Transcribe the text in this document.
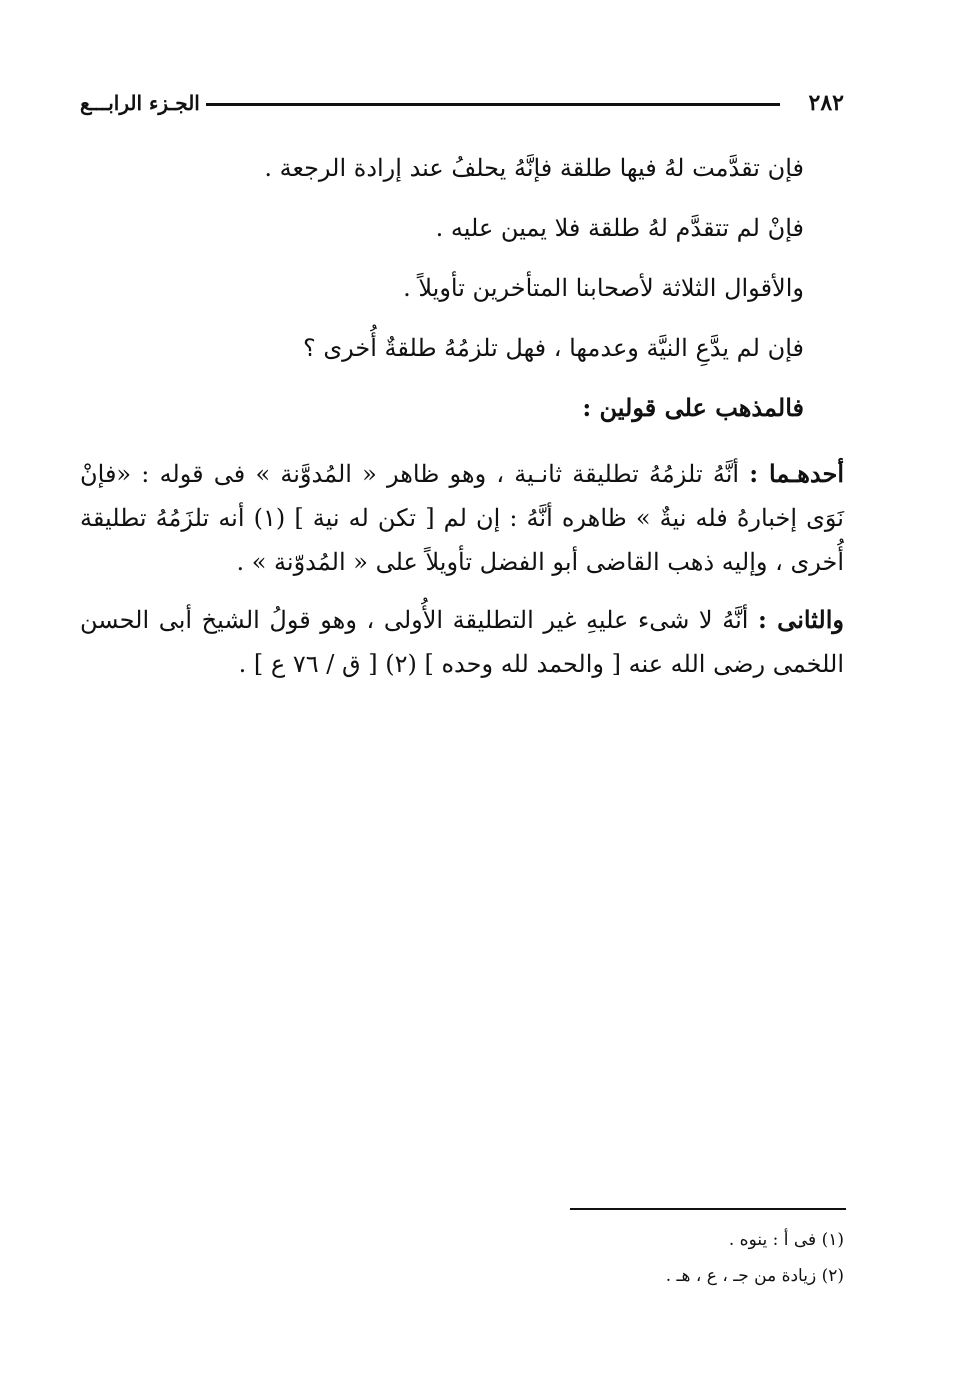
٢٨٢
الجـزء الرابـــع
فإن تقدَّمت لهُ فيها طلقة فإنَّهُ يحلفُ عند إرادة الرجعة .
فإنْ لم تتقدَّم لهُ طلقة فلا يمين عليه .
والأقوال الثلاثة لأصحابنا المتأخرين تأويلاً .
فإن لم يدَّعِ النيَّة وعدمها ، فهل تلزمُهُ طلقةٌ أُخرى ؟
فالمذهب على قولين :

أحدهـما : أنَّهُ تلزمُهُ تطليقة ثانـية ، وهو ظاهر « المُدوَّنة » فى قوله : «فإنْ نَوَى إخبارهُ فله نيةٌ » ظاهره أنَّهُ : إن لم [ تكن له نية ] (١) أنه تلزَمُهُ تطليقة أُخرى ، وإليه ذهب القاضى أبو الفضل تأويلاً على « المُدوّنة » .

والثانى : أنَّهُ لا شىء عليهِ غير التطليقة الأُولى ، وهو قولُ الشيخ أبى الحسن اللخمى رضى الله عنه [ والحمد لله وحده ] (٢) [ ق / ٧٦ ع ] .

(١) فى أ : ينوه .
(٢) زيادة من جـ ، ع ، هـ .
